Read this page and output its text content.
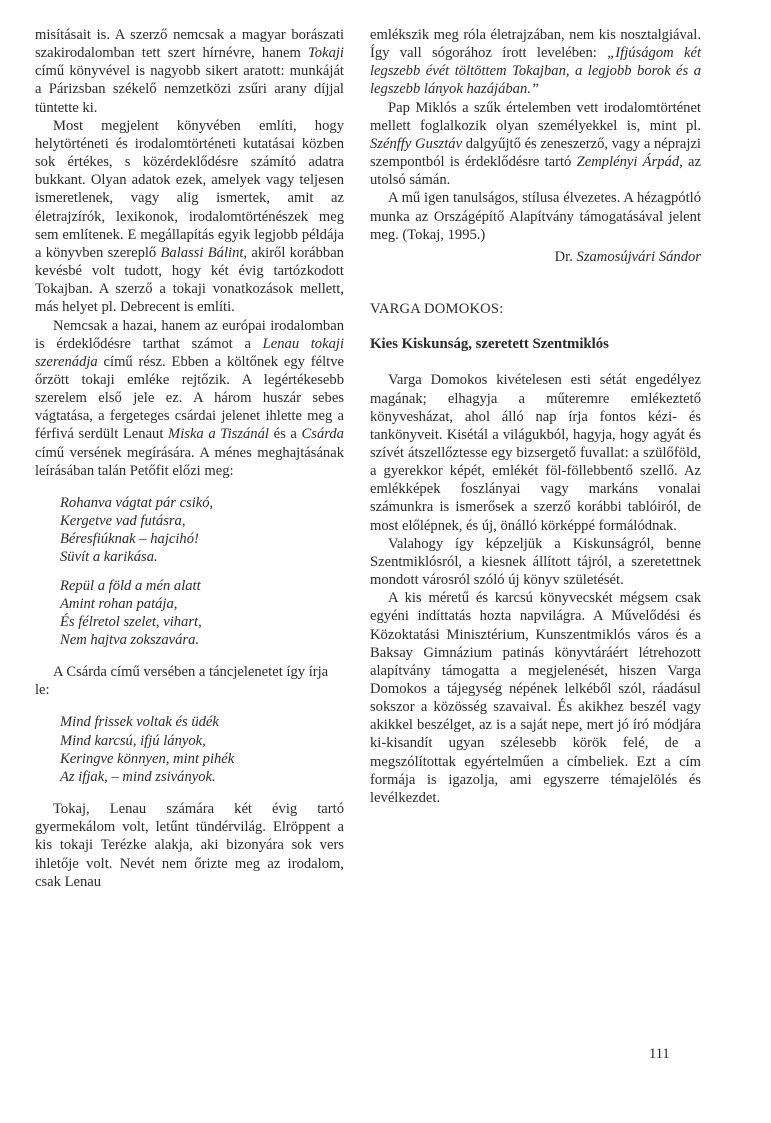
misításait is. A szerző nemcsak a magyar borászati szakirodalomban tett szert hírnévre, hanem Tokaji című könyvével is nagyobb sikert aratott: munkáját a Párizsban székelő nemzetközi zsűri arany díjjal tüntette ki.

Most megjelent könyvében említi, hogy helytörténeti és irodalomtörténeti kutatásai közben sok értékes, s közérdeklődésre számító adatra bukkant. Olyan adatok ezek, amelyek vagy teljesen ismeretlenek, vagy alig ismertek, amit az életrajzírók, lexikonok, irodalomtörténészek meg sem említenek. E megállapítás egyik legjobb példája a könyvben szereplő Balassi Bálint, akiről korábban kevésbé volt tudott, hogy két évig tartózkodott Tokajban. A szerző a tokaji vonatkozások mellett, más helyet pl. Debrecent is említi.

Nemcsak a hazai, hanem az európai irodalomban is érdeklődésre tarthat számot a Lenau tokaji szerenádja című rész. Ebben a költőnek egy féltve őrzött tokaji emléke rejtőzik. A legértékesebb szerelem első jele ez. A három huszár sebes vágtatása, a fergeteges csárdai jelenet ihlette meg a férfivá serdült Lenaut Miska a Tiszánál és a Csárda című versének megírására. A ménes meghajtásának leírásában talán Petőfit előzi meg:

Rohanva vágtat pár csikó,
Kergetve vad futásra,
Béresfiúknak – hajcihó!
Süvít a karikása.
Repül a föld a mén alatt
Amint rohan patája,
És félretol szelet, vihart,
Nem hajtva zokszavára.

A Csárda című versében a táncjelenetet így írja le:

Mind frissek voltak és üdék
Mind karcsú, ifjú lányok,
Keringve könnyen, mint pihék
Az ifjak, – mind zsiványok.

Tokaj, Lenau számára két évig tartó gyermekálom volt, letűnt tündérvilág. Elröppent a kis tokaji Terézke alakja, aki bizonyára sok vers ihletője volt. Nevét nem őrizte meg az irodalom, csak Lenau

emlékszik meg róla életrajzában, nem kis nosztalgiával. Így vall sógorához írott levelében: „Ifjúságom két legszebb évét töltöttem Tokajban, a legjobb borok és a legszebb lányok hazájában.”

Pap Miklós a szűk értelemben vett irodalomtörténet mellett foglalkozik olyan személyekkel is, mint pl. Szénffy Gusztáv dalgyűjtő és zeneszerző, vagy a néprajzi szempontból is érdeklődésre tartó Zemplényi Árpád, az utolsó sámán.

A mű igen tanulságos, stílusa élvezetes. A hézagpótló munka az Országépítő Alapítvány támogatásával jelent meg. (Tokaj, 1995.)

Dr. Szamosújvári Sándor
VARGA DOMOKOS:
Kies Kiskunság, szeretett Szentmiklós

Varga Domokos kivételesen esti sétát engedélyez magának; elhagyja a műteremre emlékeztető könyvesházat, ahol álló nap írja fontos kézi- és tankönyveit. Kisétál a világukból, hagyja, hogy agyát és szívét átszellőztesse egy bizsergető fuvallat: a szülőföld, a gyerekkor képét, emlékét föl-föllebbentő szellő. Az emlékképek foszlányai vagy markáns vonalai számunkra is ismerősek a szerző korábbi tablóiról, de most előlépnek, és új, önálló körképpé formálódnak.

Valahogy így képzeljük a Kiskunságról, benne Szentmiklósról, a kiesnek állított tájról, a szeretettnek mondott városról szóló új könyv születését.

A kis méretű és karcsú könyvecskét mégsem csak egyéni indíttatás hozta napvilágra. A Művelődési és Közoktatási Minisztérium, Kunszentmiklós város és a Baksay Gimnázium patinás könyvtáráért létrehozott alapítvány támogatta a megjelenését, hiszen Varga Domokos a tájegység népének lelkéből szól, ráadásul sokszor a közösség szavaival. És akikhez beszél vagy akikkel beszélget, az is a saját nepe, mert jó író módjára ki-kisandít ugyan szélesebb körök felé, de a megszólítottak egyértelműen a címbeliek. Ezt a cím formája is igazolja, ami egyszerre témajelölés és levélkezdet.

111
